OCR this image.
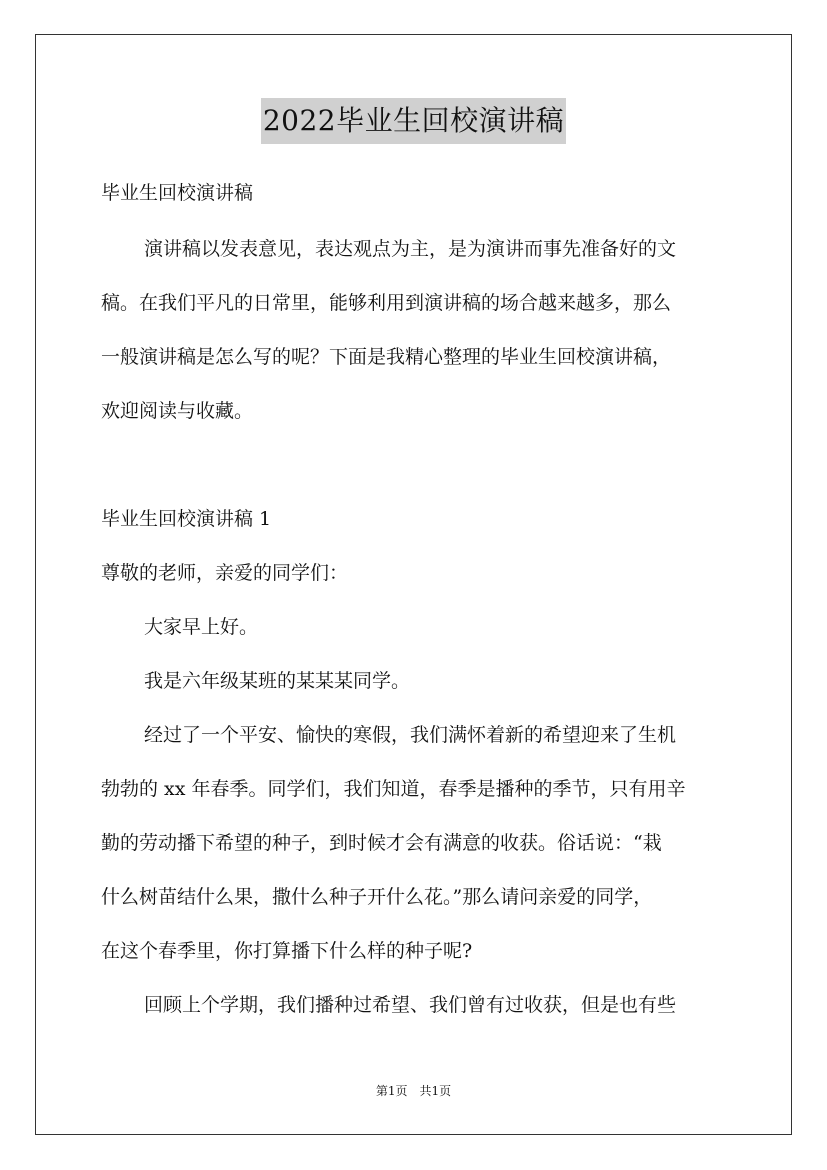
2022毕业生回校演讲稿
毕业生回校演讲稿
演讲稿以发表意见，表达观点为主，是为演讲而事先准备好的文
稿。在我们平凡的日常里，能够利用到演讲稿的场合越来越多，那么
一般演讲稿是怎么写的呢？下面是我精心整理的毕业生回校演讲稿，
欢迎阅读与收藏。
毕业生回校演讲稿 1
尊敬的老师，亲爱的同学们：
大家早上好。
我是六年级某班的某某某同学。
经过了一个平安、愉快的寒假，我们满怀着新的希望迎来了生机
勃勃的 xx 年春季。同学们，我们知道，春季是播种的季节，只有用辛
勤的劳动播下希望的种子，到时候才会有满意的收获。俗话说：“栽
什么树苗结什么果，撒什么种子开什么花。”那么请问亲爱的同学，
在这个春季里，你打算播下什么样的种子呢?
回顾上个学期，我们播种过希望、我们曾有过收获，但是也有些
第1页 共1页
